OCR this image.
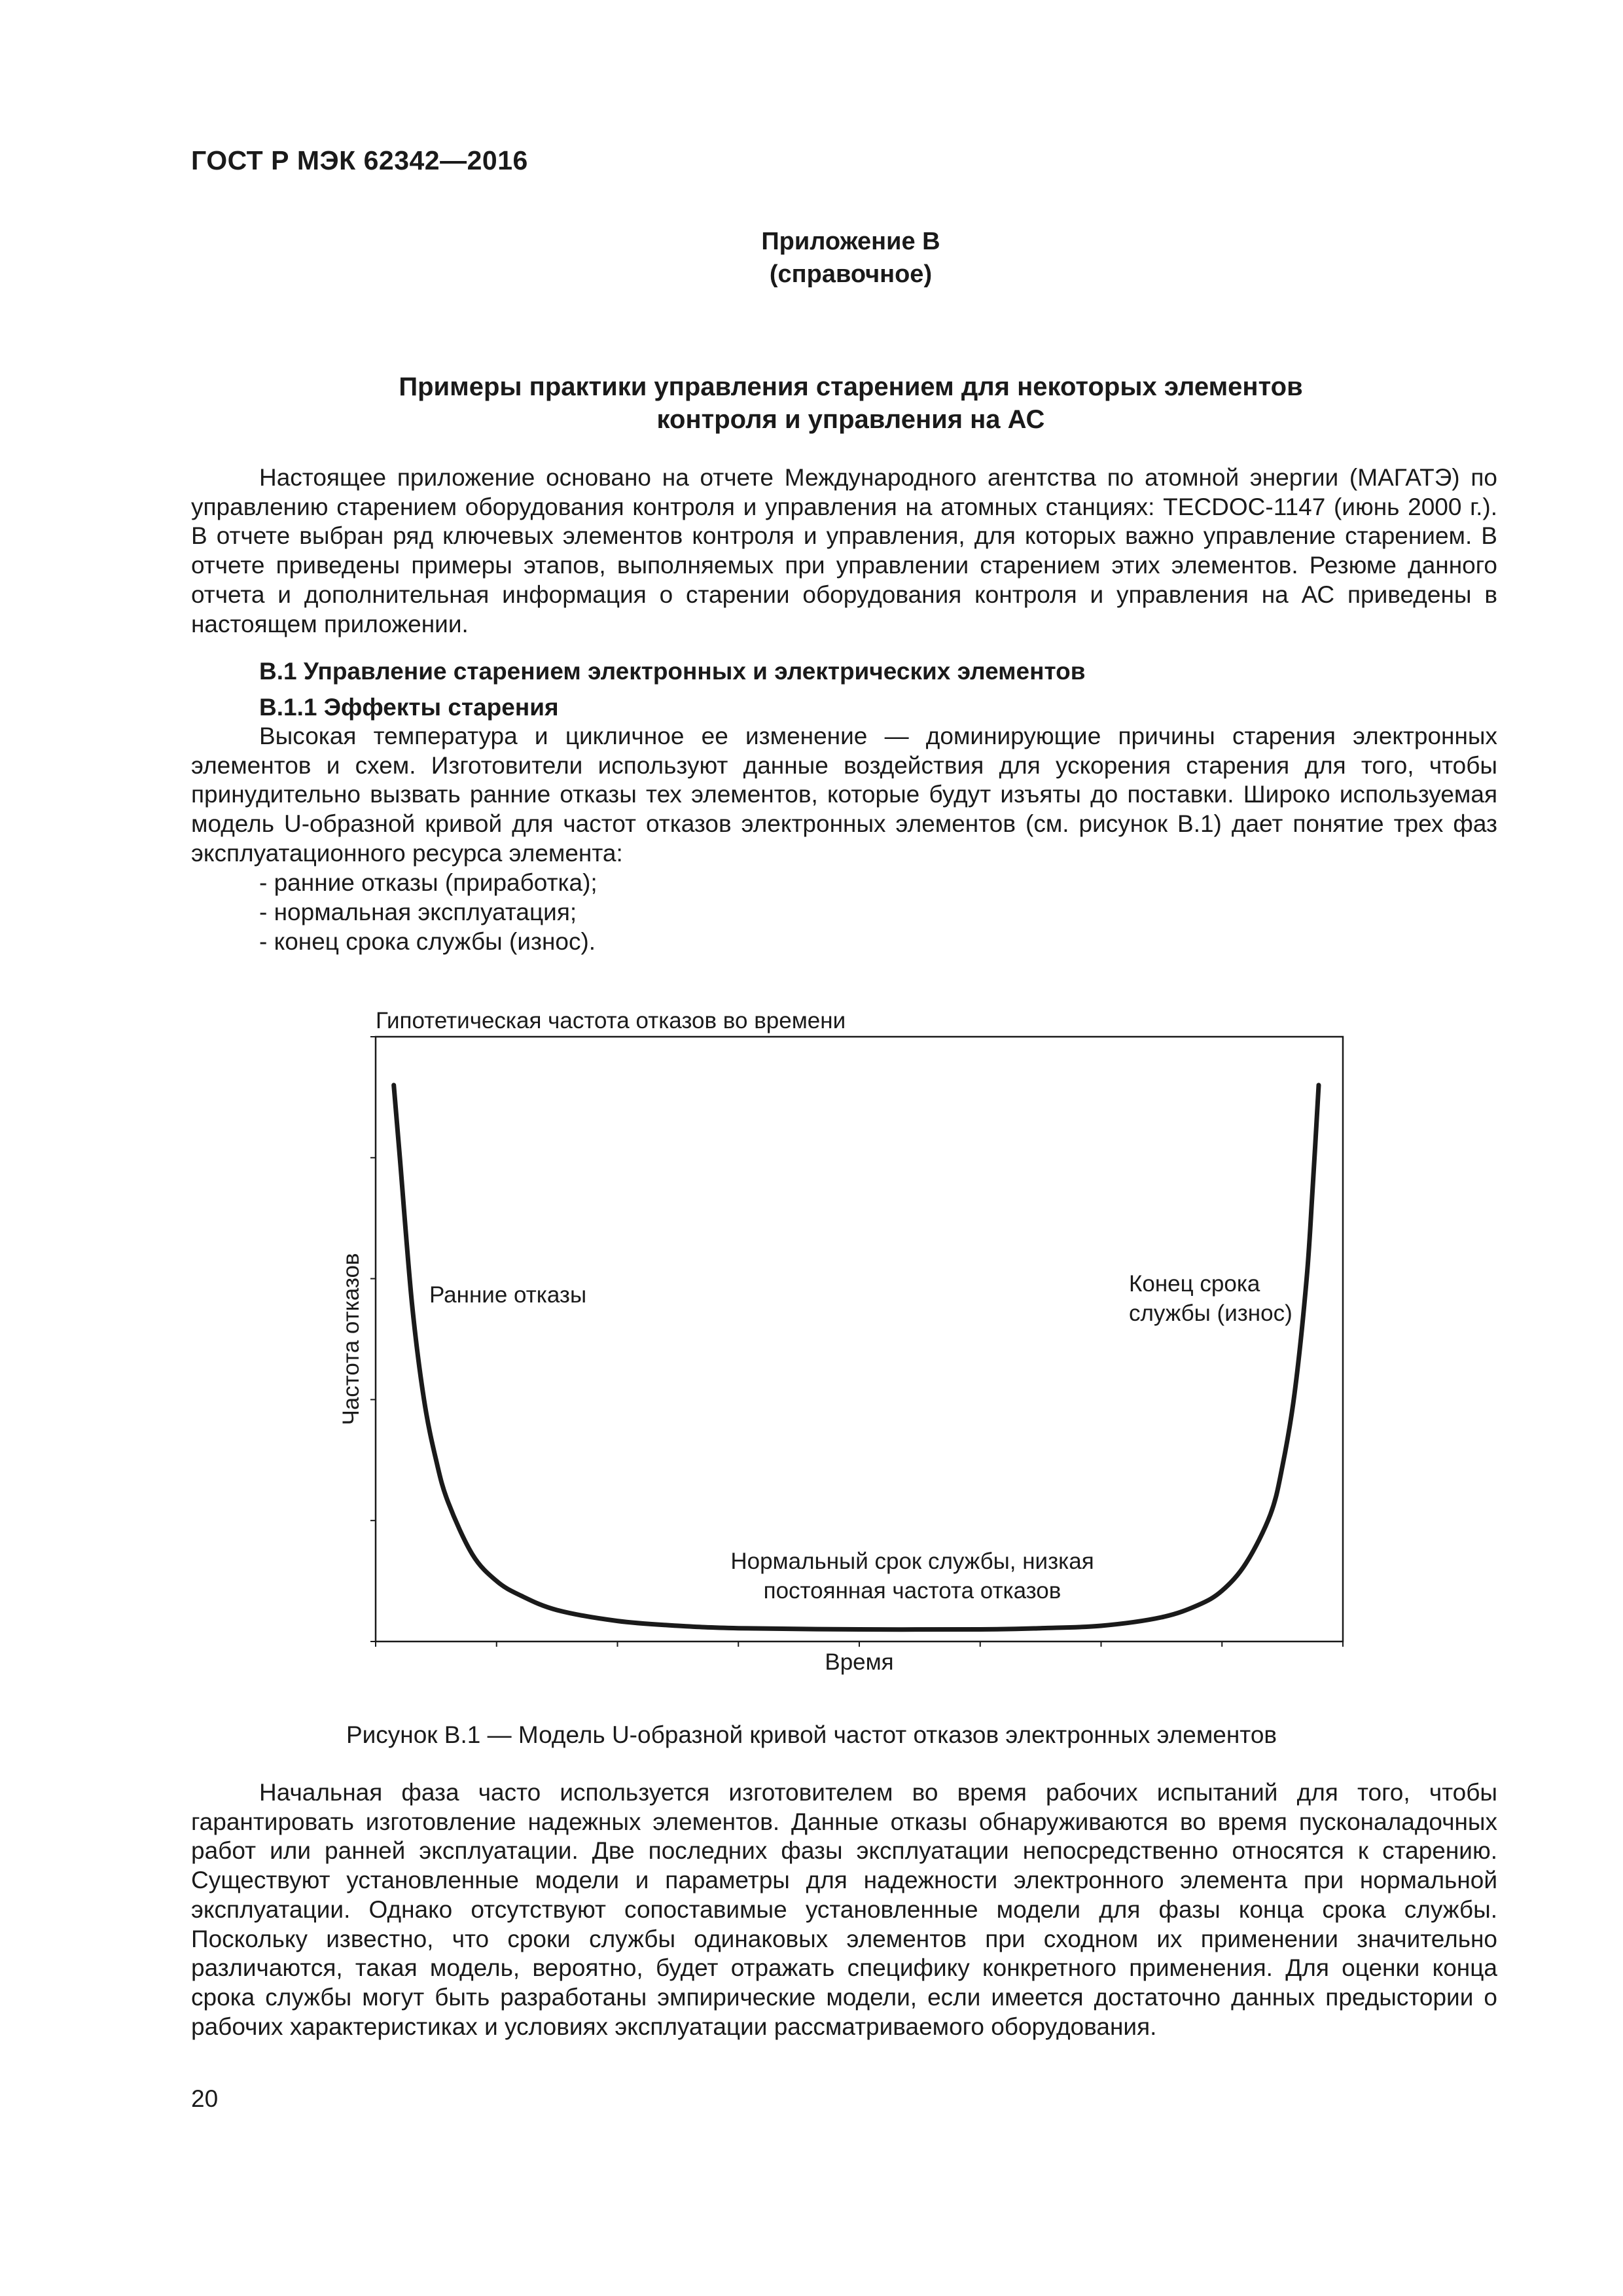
ГОСТ Р МЭК 62342—2016
Приложение В
(справочное)
Примеры практики управления старением для некоторых элементов
контроля и управления на АС

Настоящее приложение основано на отчете Международного агентства по атомной энергии (МАГАТЭ) по управлению старением оборудования контроля и управления на атомных станциях: TECDOC-1147 (июнь 2000 г.). В отчете выбран ряд ключевых элементов контроля и управления, для которых важно управление старением. В отчете приведены примеры этапов, выполняемых при управлении старением этих элементов. Резюме данного отчета и дополнительная информация о старении оборудования контроля и управления на АС приведены в настоящем приложении.

В.1 Управление старением электронных и электрических элементов
В.1.1 Эффекты старения

Высокая температура и цикличное ее изменение — доминирующие причины старения электронных элементов и схем. Изготовители используют данные воздействия для ускорения старения для того, чтобы принудительно вызвать ранние отказы тех элементов, которые будут изъяты до поставки. Широко используемая модель U-образной кривой для частот отказов электронных элементов (см. рисунок В.1) дает понятие трех фаз эксплуатационного ресурса элемента:

- ранние отказы (приработка);
- нормальная эксплуатация;
- конец срока службы (износ).
Гипотетическая частота отказов во времени
Время
Частота отказов	Ранние отказы
Нормальный срок службы, низкая
постоянная частота отказов
Конец срока
службы (износ)
Рисунок В.1 — Модель U-образной кривой частот отказов электронных элементов

Начальная фаза часто используется изготовителем во время рабочих испытаний для того, чтобы гарантировать изготовление надежных элементов. Данные отказы обнаруживаются во время пусконаладочных работ или ранней эксплуатации. Две последних фазы эксплуатации непосредственно относятся к старению. Существуют установленные модели и параметры для надежности электронного элемента при нормальной эксплуатации. Однако отсутствуют сопоставимые установленные модели для фазы конца срока службы. Поскольку известно, что сроки службы одинаковых элементов при сходном их применении значительно различаются, такая модель, вероятно, будет отражать специфику конкретного применения. Для оценки конца срока службы могут быть разработаны эмпирические модели, если имеется достаточно данных предыстории о рабочих характеристиках и условиях эксплуатации рассматриваемого оборудования.

20
